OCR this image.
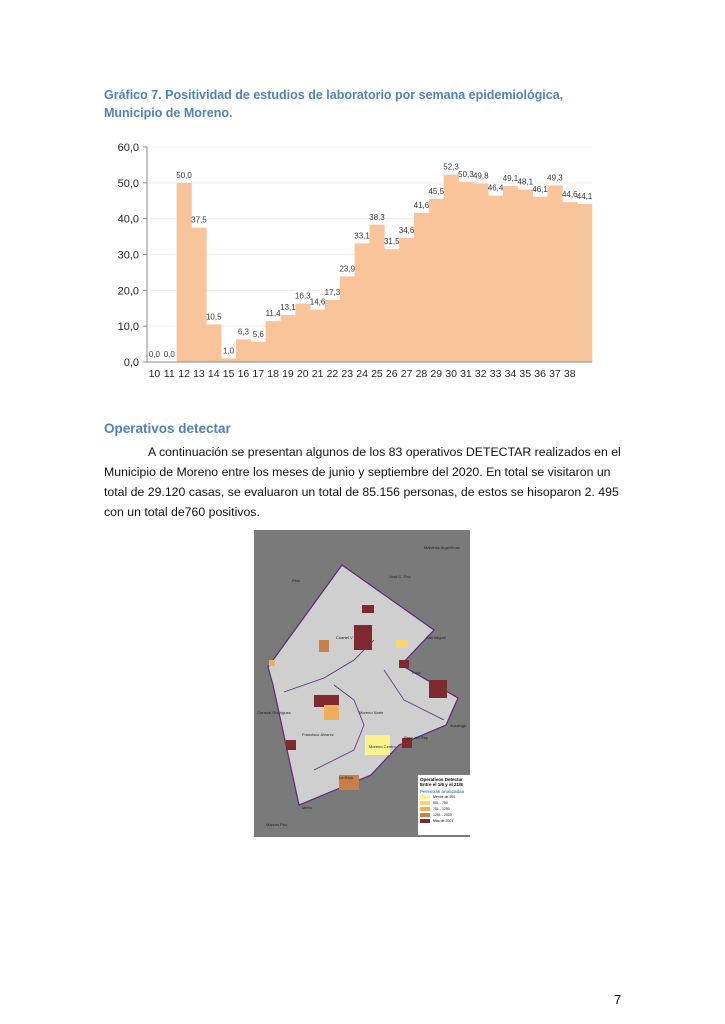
Gráfico 7. Positividad de estudios de laboratorio por semana epidemiológica, Municipio de Moreno.
0,0
10,0
20,0
30,0
40,0
50,0
60,0
0,0
10
0,0
11
50,0
12
37,5
13
10,5
14
1,0
15
6,3
16
5,6
17
11,4
18
13,1
19
16,3
20
14,6
21
17,3
22
23,9
23
33,1
24
38,3
25
31,5
26
34,6
27
41,6
28
45,5
29
52,3
30
50,3
31
49,8
32
46,4
33
49,1
34
48,1
35
46,1
36
49,3
37
44,6
38
44,1
Operativos detectar
A continuación se presentan algunos de los 83 operativos DETECTAR realizados en el Municipio de Moreno entre los meses de junio y septiembre del 2020. En total se visitaron un total de 29.120 casas, se evaluaron un total de 85.156 personas, de estos se hisoparon 2. 495 con un total de760 positivos.
Malvinas Argentinas
José C. Paz
Pilar
San Miguel
Cuartel V
Trujui
General Rodríguez	Moreno Norte
Francisco Álvarez
Moreno Centro
Paso del Rey
Ituzaingó
La Reja
Merlo
Marcos Paz
Operativos Detectar Entre el 1/6 y el 21/8
Personas analizadas
Menos de 500
501 - 750
751 - 1250
1251 - 2000
Más de 2001
7
